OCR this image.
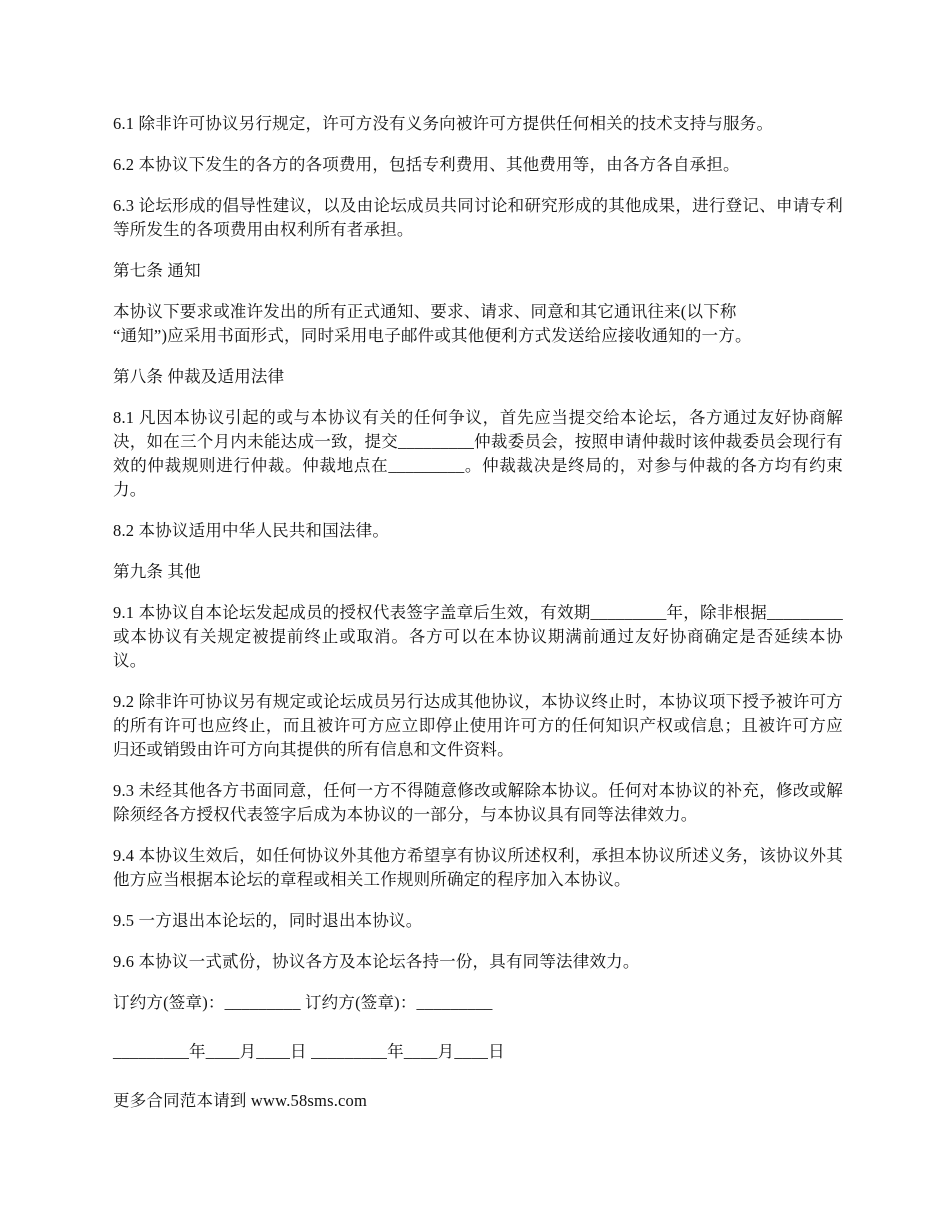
6.1 除非许可协议另行规定，许可方没有义务向被许可方提供任何相关的技术支持与服务。

6.2 本协议下发生的各方的各项费用，包括专利费用、其他费用等，由各方各自承担。

6.3 论坛形成的倡导性建议，以及由论坛成员共同讨论和研究形成的其他成果，进行登记、申请专利等所发生的各项费用由权利所有者承担。

第七条 通知

本协议下要求或准许发出的所有正式通知、要求、请求、同意和其它通讯往来(以下称
“通知”)应采用书面形式，同时采用电子邮件或其他便利方式发送给应接收通知的一方。

第八条 仲裁及适用法律

8.1 凡因本协议引起的或与本协议有关的任何争议，首先应当提交给本论坛，各方通过友好协商解决，如在三个月内未能达成一致，提交_________仲裁委员会，按照申请仲裁时该仲裁委员会现行有效的仲裁规则进行仲裁。仲裁地点在_________。仲裁裁决是终局的，对参与仲裁的各方均有约束力。

8.2 本协议适用中华人民共和国法律。

第九条 其他

9.1 本协议自本论坛发起成员的授权代表签字盖章后生效，有效期_________年，除非根据_________或本协议有关规定被提前终止或取消。各方可以在本协议期满前通过友好协商确定是否延续本协议。

9.2 除非许可协议另有规定或论坛成员另行达成其他协议，本协议终止时，本协议项下授予被许可方的所有许可也应终止，而且被许可方应立即停止使用许可方的任何知识产权或信息；且被许可方应归还或销毁由许可方向其提供的所有信息和文件资料。

9.3 未经其他各方书面同意，任何一方不得随意修改或解除本协议。任何对本协议的补充，修改或解除须经各方授权代表签字后成为本协议的一部分，与本协议具有同等法律效力。

9.4 本协议生效后，如任何协议外其他方希望享有协议所述权利，承担本协议所述义务，该协议外其他方应当根据本论坛的章程或相关工作规则所确定的程序加入本协议。

9.5 一方退出本论坛的，同时退出本协议。

9.6 本协议一式贰份，协议各方及本论坛各持一份，具有同等法律效力。

订约方(签章)：_________ 订约方(签章)：_________

_________年____月____日 _________年____月____日

更多合同范本请到 www.58sms.com
